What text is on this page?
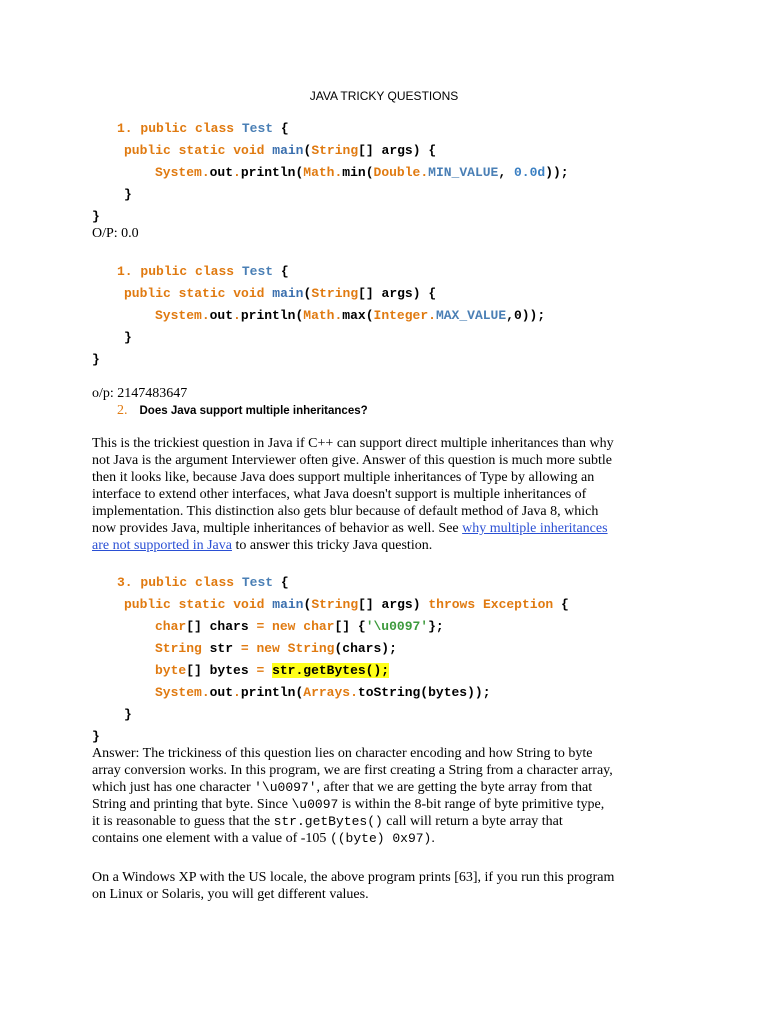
JAVA TRICKY QUESTIONS
1. public class Test {
public static void main(String[] args) {
System.out.println(Math.min(Double.MIN_VALUE, 0.0d));
}
}
O/P: 0.0
1. public class Test {
public static void main(String[] args) {
System.out.println(Math.max(Integer.MAX_VALUE,0));
}
}
o/p: 2147483647
2. Does Java support multiple inheritances?
This is the trickiest question in Java if C++ can support direct multiple inheritances than why
not Java is the argument Interviewer often give. Answer of this question is much more subtle
then it looks like, because Java does support multiple inheritances of Type by allowing an
interface to extend other interfaces, what Java doesn't support is multiple inheritances of
implementation. This distinction also gets blur because of default method of Java 8, which
now provides Java, multiple inheritances of behavior as well. See why multiple inheritances
are not supported in Java to answer this tricky Java question.
3. public class Test {
public static void main(String[] args) throws Exception {
char[] chars = new char[] {'\u0097'};
String str = new String(chars);
byte[] bytes = str.getBytes();
System.out.println(Arrays.toString(bytes));
}
}
Answer: The trickiness of this question lies on character encoding and how String to byte
array conversion works. In this program, we are first creating a String from a character array,
which just has one character '\u0097', after that we are getting the byte array from that
String and printing that byte. Since \u0097 is within the 8-bit range of byte primitive type,
it is reasonable to guess that the str.getBytes() call will return a byte array that
contains one element with a value of -105 ((byte) 0x97).
On a Windows XP with the US locale, the above program prints [63], if you run this program
on Linux or Solaris, you will get different values.
